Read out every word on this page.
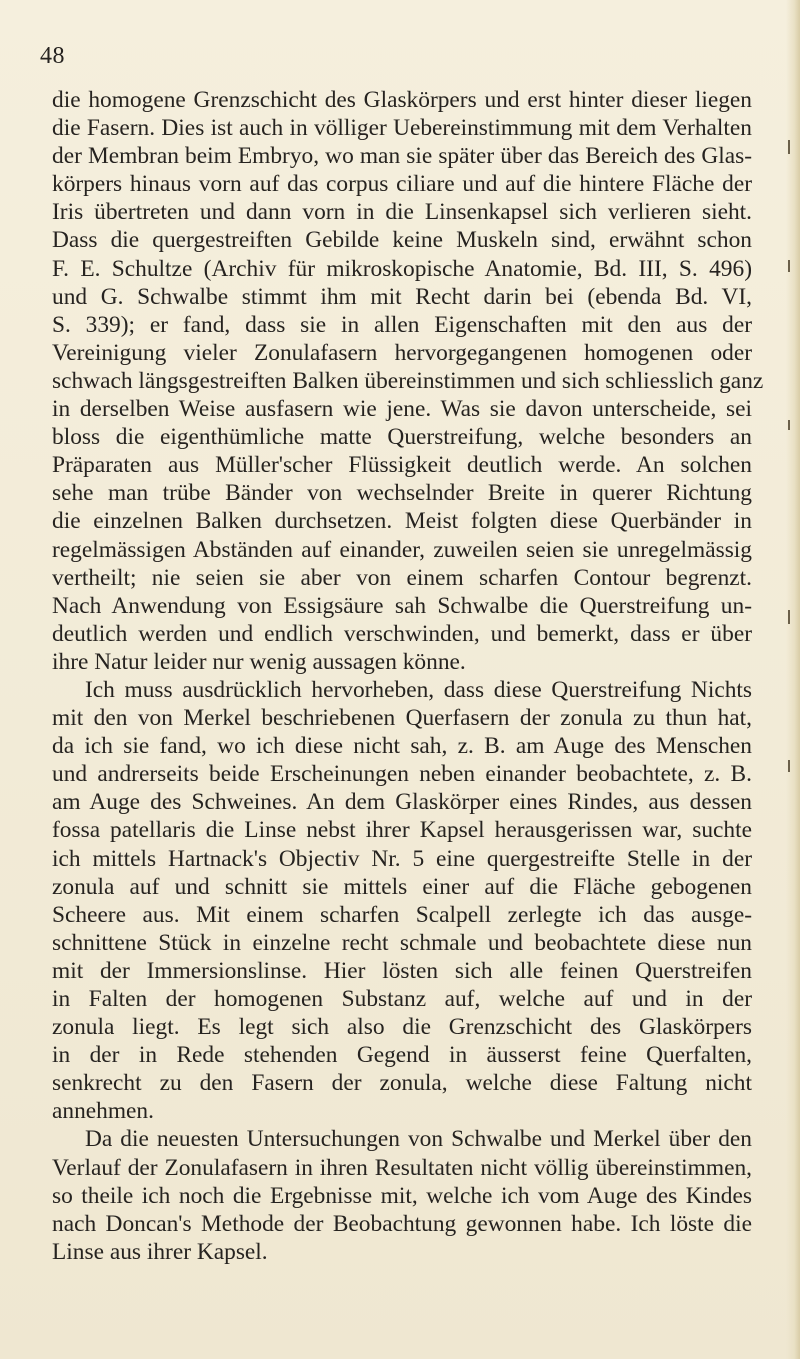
48
die homogene Grenzschicht des Glaskörpers und erst hinter dieser liegen
die Fasern. Dies ist auch in völliger Uebereinstimmung mit dem Verhalten
der Membran beim Embryo, wo man sie später über das Bereich des Glas-
körpers hinaus vorn auf das corpus ciliare und auf die hintere Fläche der
Iris übertreten und dann vorn in die Linsenkapsel sich verlieren sieht.
Dass die quergestreiften Gebilde keine Muskeln sind, erwähnt schon
F. E. Schultze (Archiv für mikroskopische Anatomie, Bd. III, S. 496)
und G. Schwalbe stimmt ihm mit Recht darin bei (ebenda Bd. VI,
S. 339); er fand, dass sie in allen Eigenschaften mit den aus der
Vereinigung vieler Zonulafasern hervorgegangenen homogenen oder
schwach längsgestreiften Balken übereinstimmen und sich schliesslich ganz
in derselben Weise ausfasern wie jene. Was sie davon unterscheide, sei
bloss die eigenthümliche matte Querstreifung, welche besonders an
Präparaten aus Müller'scher Flüssigkeit deutlich werde. An solchen
sehe man trübe Bänder von wechselnder Breite in querer Richtung
die einzelnen Balken durchsetzen. Meist folgten diese Querbänder in
regelmässigen Abständen auf einander, zuweilen seien sie unregelmässig
vertheilt; nie seien sie aber von einem scharfen Contour begrenzt.
Nach Anwendung von Essigsäure sah Schwalbe die Querstreifung un-
deutlich werden und endlich verschwinden, und bemerkt, dass er über
ihre Natur leider nur wenig aussagen könne.
Ich muss ausdrücklich hervorheben, dass diese Querstreifung Nichts
mit den von Merkel beschriebenen Querfasern der zonula zu thun hat,
da ich sie fand, wo ich diese nicht sah, z. B. am Auge des Menschen
und andrerseits beide Erscheinungen neben einander beobachtete, z. B.
am Auge des Schweines. An dem Glaskörper eines Rindes, aus dessen
fossa patellaris die Linse nebst ihrer Kapsel herausgerissen war, suchte
ich mittels Hartnack's Objectiv Nr. 5 eine quergestreifte Stelle in der
zonula auf und schnitt sie mittels einer auf die Fläche gebogenen
Scheere aus. Mit einem scharfen Scalpell zerlegte ich das ausge-
schnittene Stück in einzelne recht schmale und beobachtete diese nun
mit der Immersionslinse. Hier lösten sich alle feinen Querstreifen
in Falten der homogenen Substanz auf, welche auf und in der
zonula liegt. Es legt sich also die Grenzschicht des Glaskörpers
in der in Rede stehenden Gegend in äusserst feine Querfalten,
senkrecht zu den Fasern der zonula, welche diese Faltung nicht
annehmen.
Da die neuesten Untersuchungen von Schwalbe und Merkel über den
Verlauf der Zonulafasern in ihren Resultaten nicht völlig übereinstimmen,
so theile ich noch die Ergebnisse mit, welche ich vom Auge des Kindes
nach Doncan's Methode der Beobachtung gewonnen habe. Ich löste die
Linse aus ihrer Kapsel.
